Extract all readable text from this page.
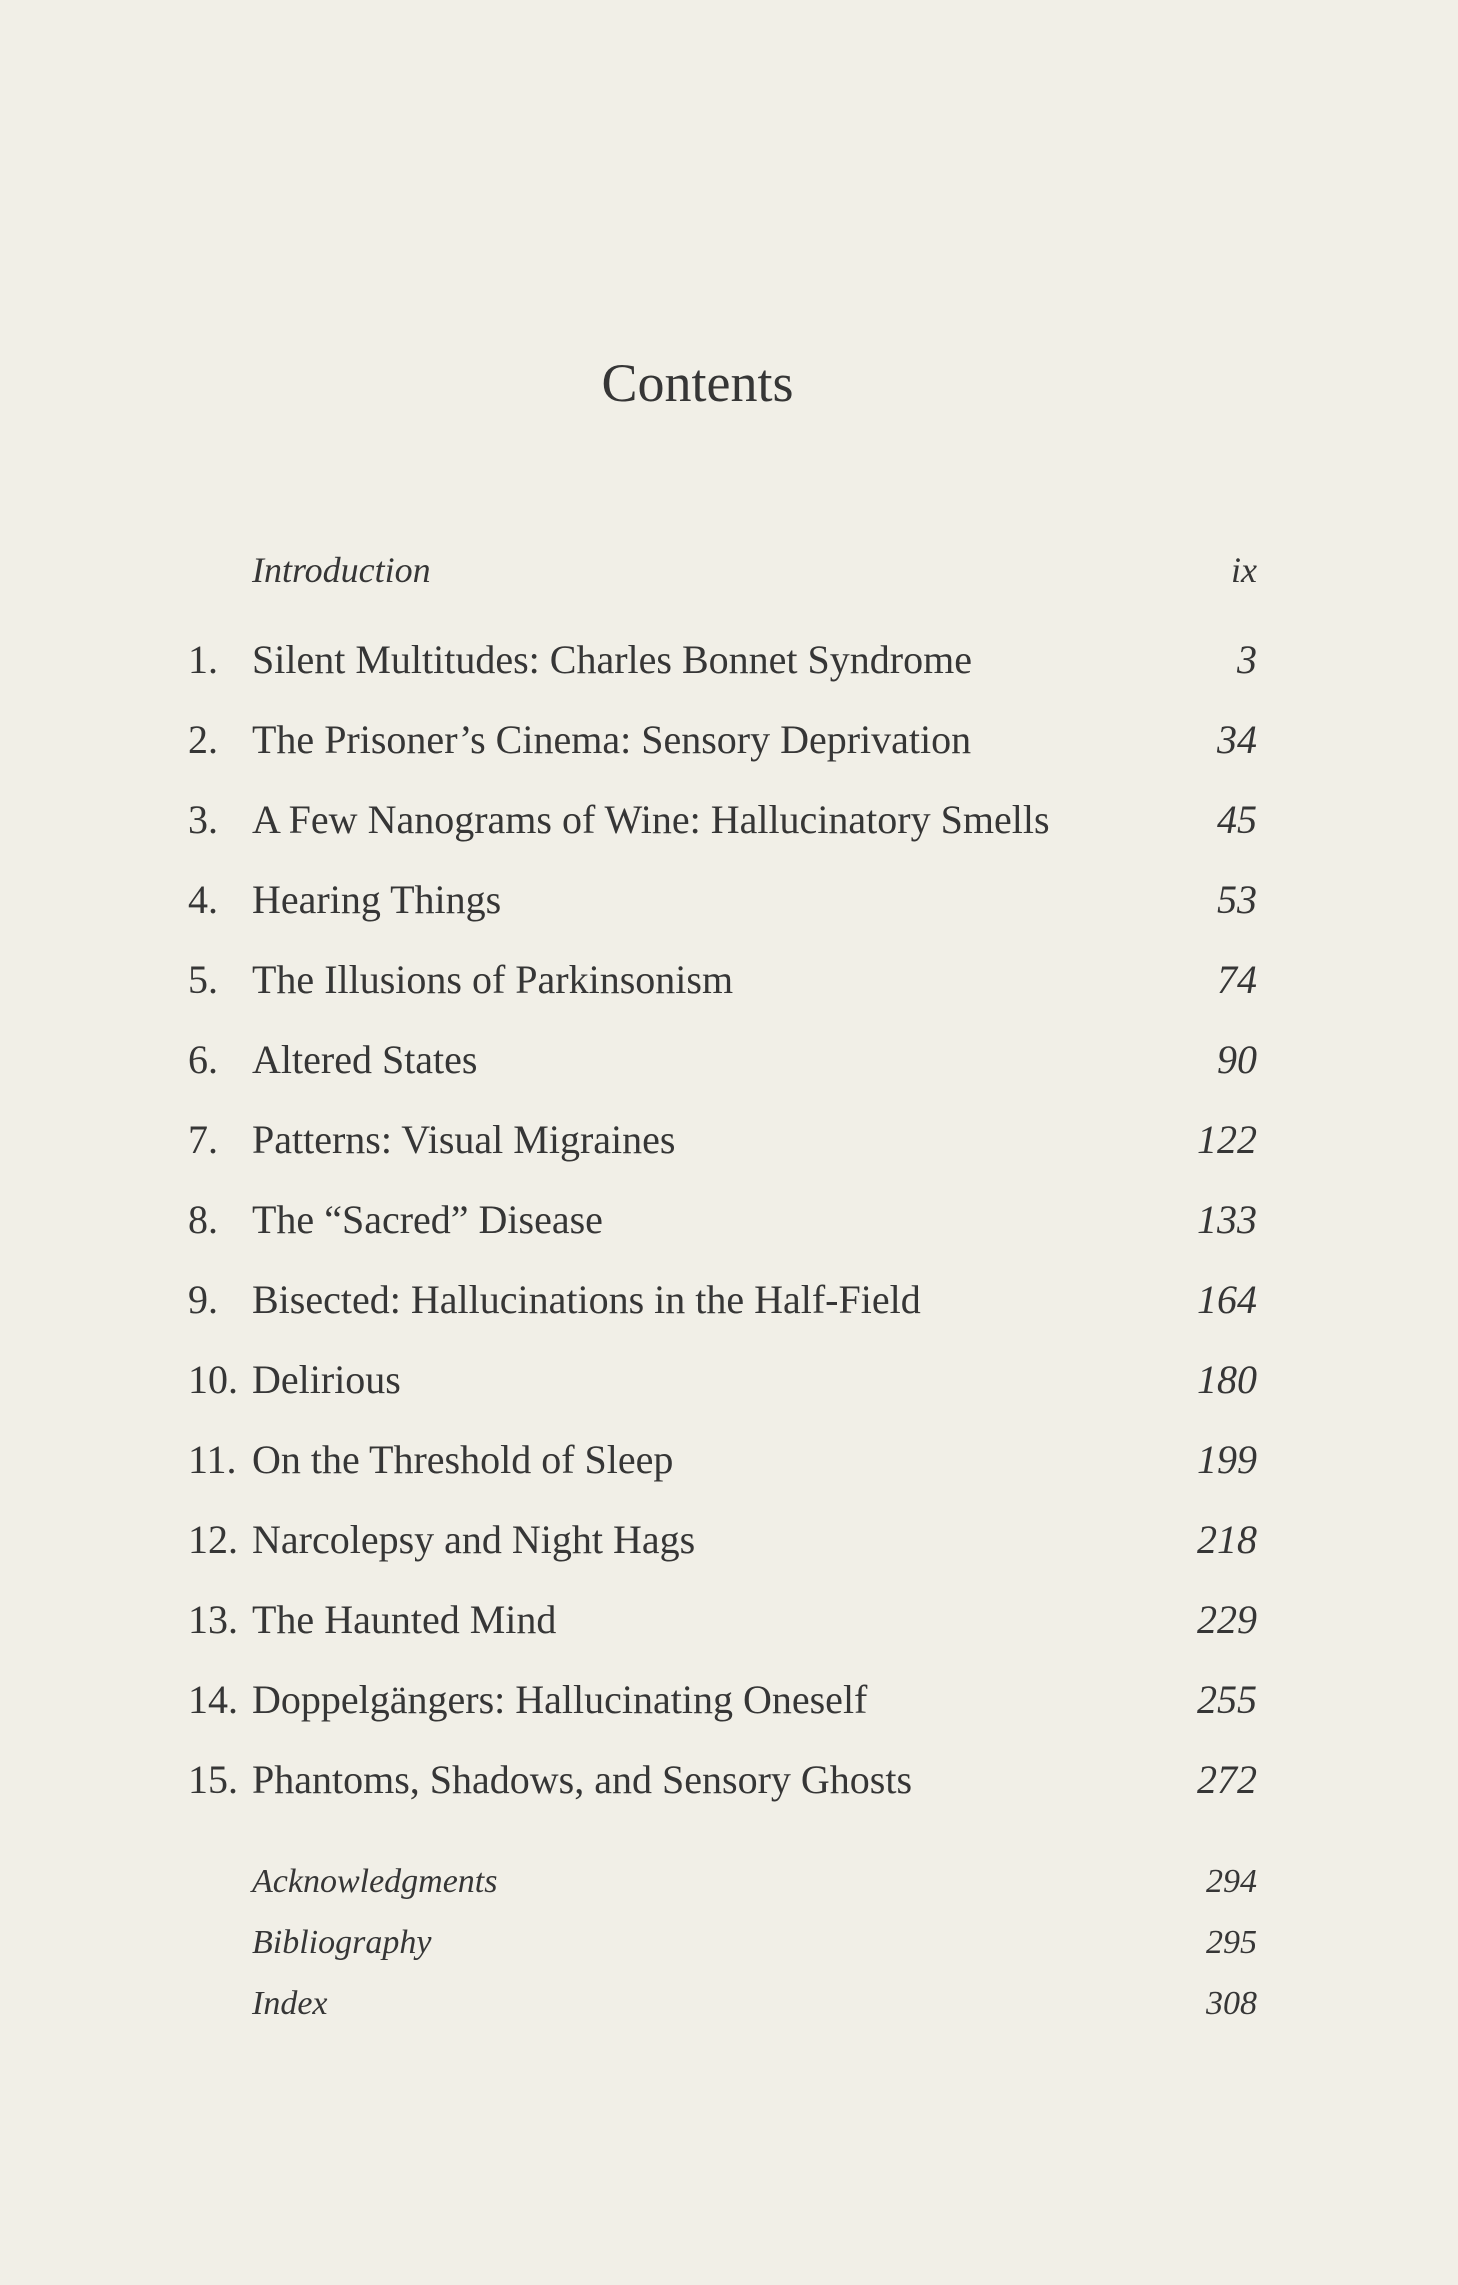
Contents
Introduction	ix
1. Silent Multitudes: Charles Bonnet Syndrome	3
2. The Prisoner’s Cinema: Sensory Deprivation	34
3. A Few Nanograms of Wine: Hallucinatory Smells	45
4. Hearing Things	53
5. The Illusions of Parkinsonism	74
6. Altered States	90
7. Patterns: Visual Migraines	122
8. The “Sacred” Disease	133
9. Bisected: Hallucinations in the Half-Field	164
10. Delirious	180
11. On the Threshold of Sleep	199
12. Narcolepsy and Night Hags	218
13. The Haunted Mind	229
14. Doppelgängers: Hallucinating Oneself	255
15. Phantoms, Shadows, and Sensory Ghosts	272
Acknowledgments	294
Bibliography	295
Index	308
